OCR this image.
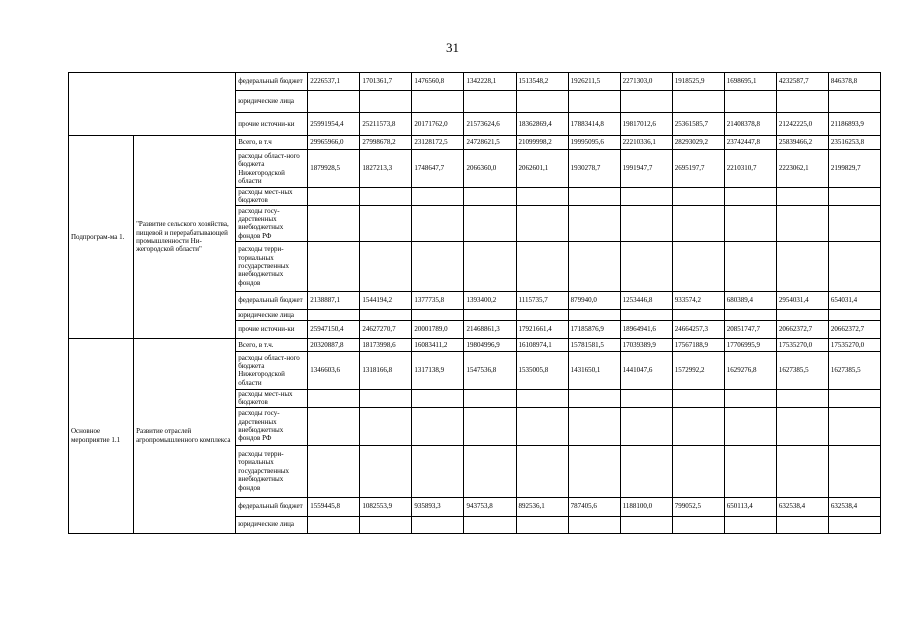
31
		федеральный бюджет	2226537,1	1701361,7	1476560,8	1342228,1	1513548,2	1926211,5	2271303,0	1918525,9	1698695,1	4232587,7	846378,8
		юридические лица											
		прочие источни-ки	25991954,4	25211573,8	20171762,0	21573624,6	18362869,4	17883414,8	19817012,6	25361585,7	21408378,8	21242225,0	21186893,9
Подпрограм-ма 1.	"Развитие сельского хозяйства, пищевой и перерабатывающей промышленности Ни-жегородской области"	Всего, в т.ч	29965966,0	27998678,2	23128172,5	24728621,5	21099998,2	19995095,6	22210336,1	28293029,2	23742447,8	25839466,2	23516253,8
		расходы област-ного бюджета Нижегородской области	1879928,5	1827213,3	1748647,7	2066360,0	2062601,1	1930278,7	1991947,7	2695197,7	2210310,7	2223062,1	2199829,7
		расходы мест-ных бюджетов											
		расходы госу-дарственных внебюджетных фондов РФ											
		расходы терри-ториальных государственных внебюджетных фондов											
		федеральный бюджет	2138887,1	1544194,2	1377735,8	1393400,2	1115735,7	879940,0	1253446,8	933574,2	680389,4	2954031,4	654031,4
		юридические лица											
		прочие источни-ки	25947150,4	24627270,7	20001789,0	21468861,3	17921661,4	17185876,9	18964941,6	24664257,3	20851747,7	20662372,7	20662372,7
Основное мероприятие 1.1	Развитие отраслей агропромышленного комплекса	Всего, в т.ч.	20320887,8	18173998,6	16083411,2	19804996,9	16108974,1	15781581,5	17039389,9	17567188,9	17706995,9	17535270,0	17535270,0
		расходы област-ного бюджета Нижегородской области	1346603,6	1318166,8	1317138,9	1547536,8	1535005,8	1431650,1	1441047,6	1572992,2	1629276,8	1627385,5	1627385,5
		расходы мест-ных бюджетов											
		расходы госу-дарственных внебюджетных фондов РФ											
		расходы терри-ториальных государственных внебюджетных фондов											
		федеральный бюджет	1559445,8	1082553,9	935893,3	943753,8	892536,1	787405,6	1188100,0	799052,5	650113,4	632538,4	632538,4
		юридические лица											
